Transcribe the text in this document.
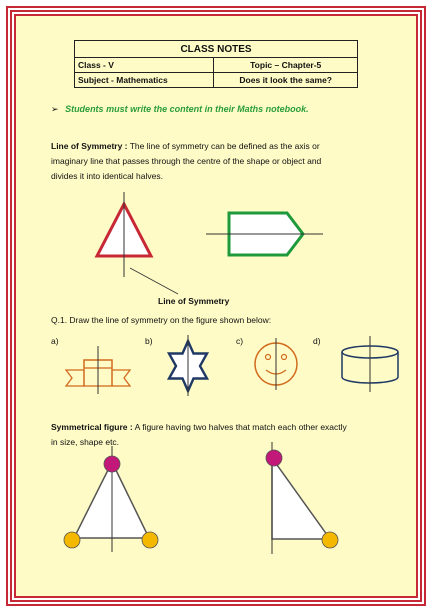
CLASS NOTES	
Class - V	Topic – Chapter-5
Subject - Mathematics	Does it look the same?
➢ Students must write the content in their Maths notebook.
Line of Symmetry : The line of symmetry can be defined as the axis or
imaginary line that passes through the centre of the shape or object and
divides it into identical halves.
Line of Symmetry
Q.1. Draw the line of symmetry on the figure shown below:
a)	b)	c)	d)
Symmetrical figure : A figure having two halves that match each other exactly
in size, shape etc.
